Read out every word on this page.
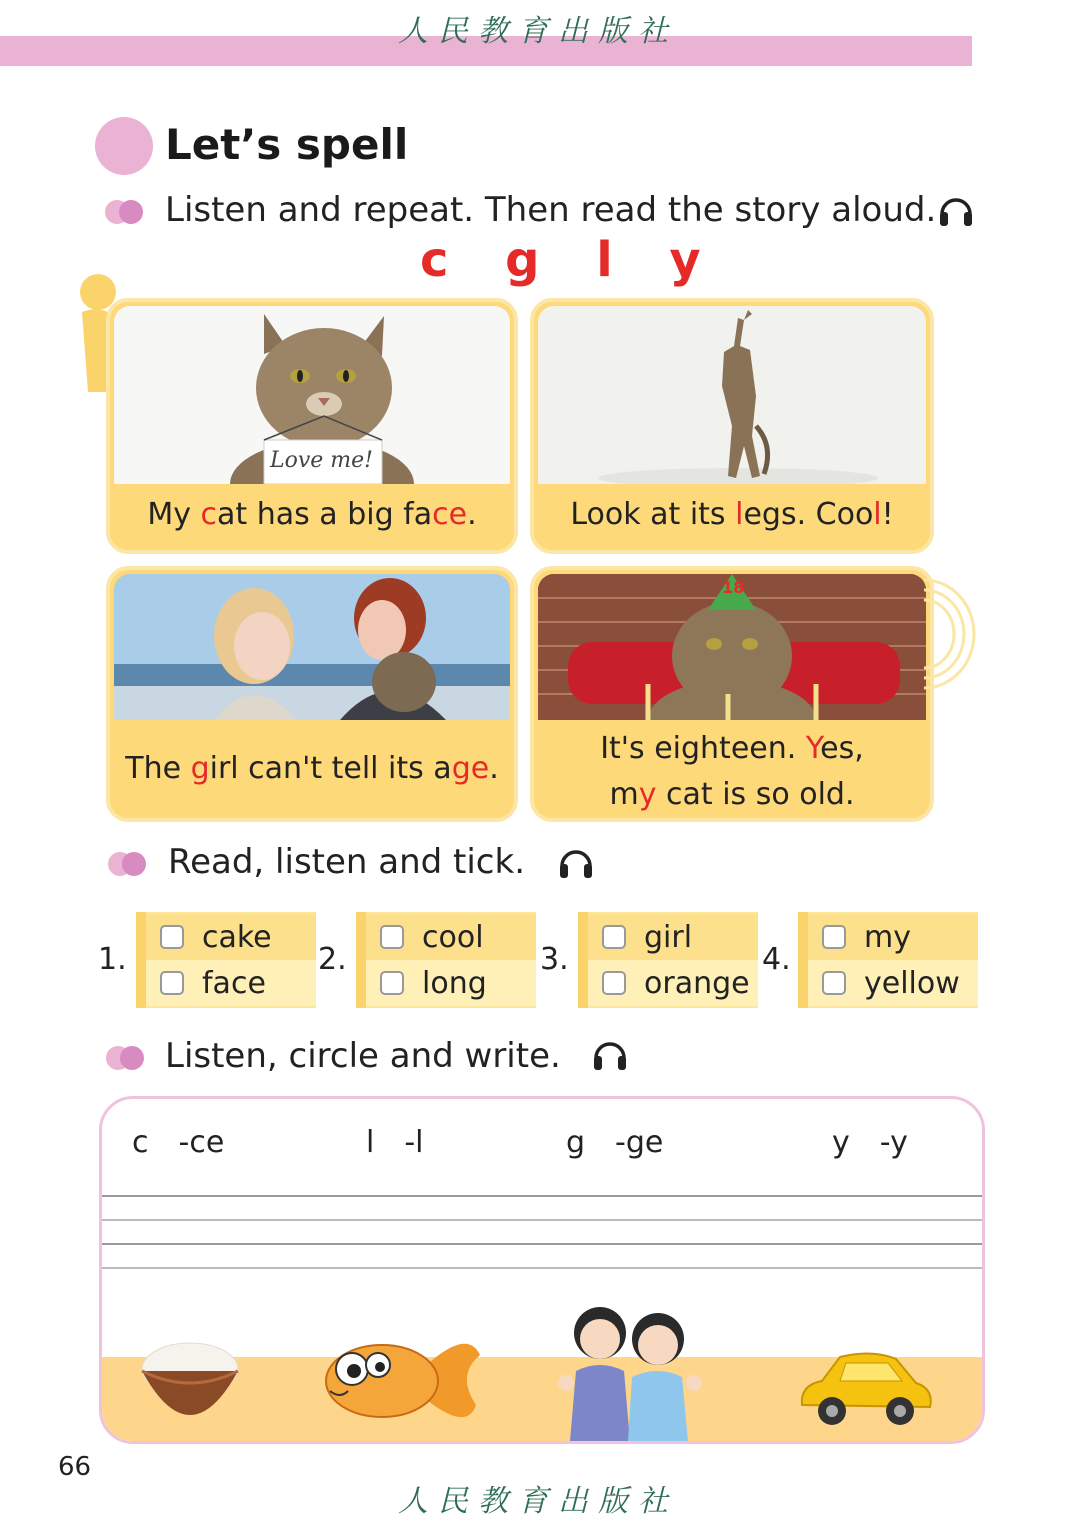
人民教育出版社
Let’s spell
Listen and repeat. Then read the story aloud.
c g l y
Love me!
My cat has a big face.	Look at its legs. Cool!
The girl can't tell its age.
18
It's eighteen. Yes,
my cat is so old.
Read, listen and tick.
1.
cake
face
2.
cool
long
3.
girl
orange
4.
my
yellow
Listen, circle and write.
c -ce	l -l	g -ge	y -y
66
人民教育出版社
